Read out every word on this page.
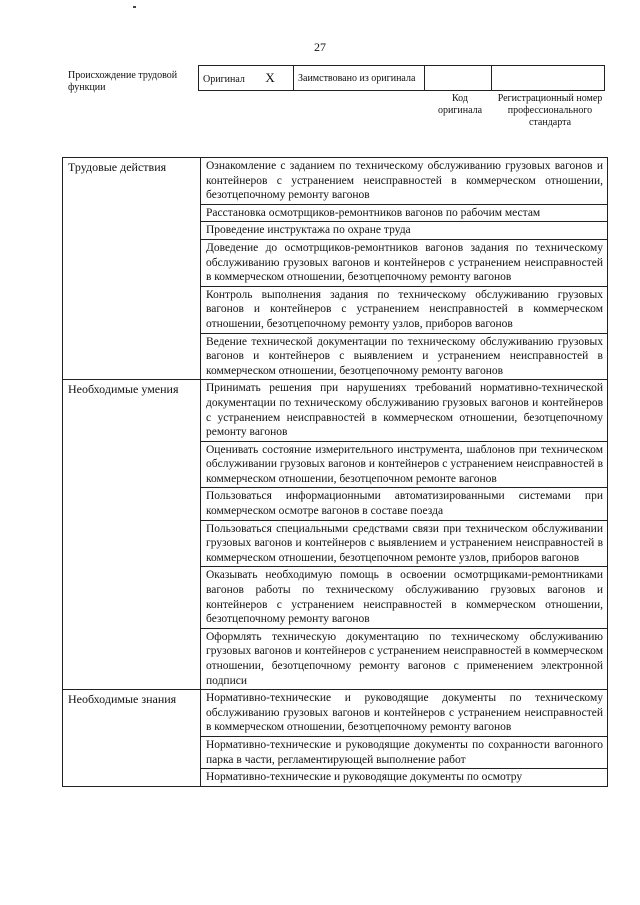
27
Происхождение трудовой функции
Оригинал X	Заимствовано из оригинала		
Код оригинала
Регистрационный номер профессионального стандарта
Трудовые действия	Ознакомление с заданием по техническому обслуживанию грузовых вагонов и контейнеров с устранением неисправностей в коммерческом отношении, безотцепочному ремонту вагонов
	Расстановка осмотрщиков-ремонтников вагонов по рабочим местам
	Проведение инструктажа по охране труда
	Доведение до осмотрщиков-ремонтников вагонов задания по техническому обслуживанию грузовых вагонов и контейнеров с устранением неисправностей в коммерческом отношении, безотцепочному ремонту вагонов
	Контроль выполнения задания по техническому обслуживанию грузовых вагонов и контейнеров с устранением неисправностей в коммерческом отношении, безотцепочному ремонту узлов, приборов вагонов
	Ведение технической документации по техническому обслуживанию грузовых вагонов и контейнеров с выявлением и устранением неисправностей в коммерческом отношении, безотцепочному ремонту вагонов
Необходимые умения	Принимать решения при нарушениях требований нормативно-технической документации по техническому обслуживанию грузовых вагонов и контейнеров с устранением неисправностей в коммерческом отношении, безотцепочному ремонту вагонов
	Оценивать состояние измерительного инструмента, шаблонов при техническом обслуживании грузовых вагонов и контейнеров с устранением неисправностей в коммерческом отношении, безотцепочном ремонте вагонов
	Пользоваться информационными автоматизированными системами при коммерческом осмотре вагонов в составе поезда
	Пользоваться специальными средствами связи при техническом обслуживании грузовых вагонов и контейнеров с выявлением и устранением неисправностей в коммерческом отношении, безотцепочном ремонте узлов, приборов вагонов
	Оказывать необходимую помощь в освоении осмотрщиками-ремонтниками вагонов работы по техническому обслуживанию грузовых вагонов и контейнеров с устранением неисправностей в коммерческом отношении, безотцепочному ремонту вагонов
	Оформлять техническую документацию по техническому обслуживанию грузовых вагонов и контейнеров с устранением неисправностей в коммерческом отношении, безотцепочному ремонту вагонов с применением электронной подписи
Необходимые знания	Нормативно-технические и руководящие документы по техническому обслуживанию грузовых вагонов и контейнеров с устранением неисправностей в коммерческом отношении, безотцепочному ремонту вагонов
	Нормативно-технические и руководящие документы по сохранности вагонного парка в части, регламентирующей выполнение работ
	Нормативно-технические и руководящие документы по осмотру
